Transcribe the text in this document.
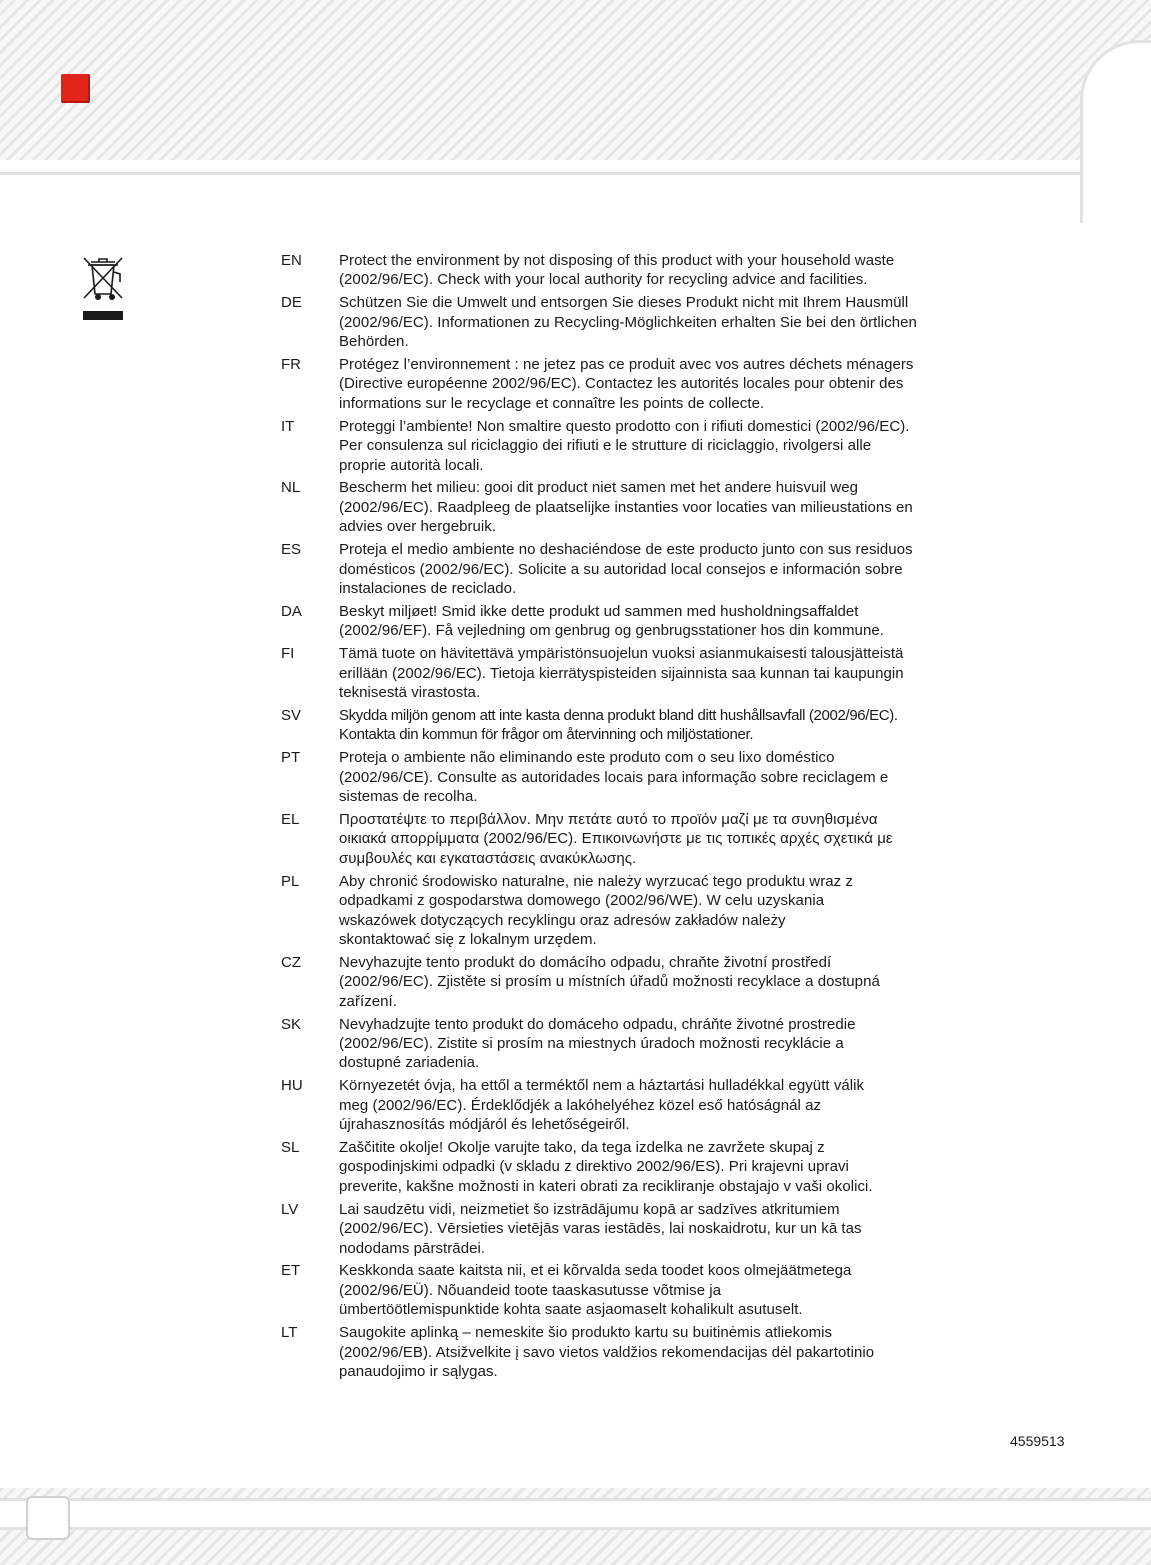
EN	Protect the environment by not disposing of this product with your household waste (2002/96/EC). Check with your local authority for recycling advice and facilities.
DE	Schützen Sie die Umwelt und entsorgen Sie dieses Produkt nicht mit Ihrem Hausmüll (2002/96/EC). Informationen zu Recycling-Möglichkeiten erhalten Sie bei den örtlichen Behörden.
FR	Protégez l’environnement : ne jetez pas ce produit avec vos autres déchets ménagers (Directive européenne 2002/96/EC). Contactez les autorités locales pour obtenir des informations sur le recyclage et connaître les points de collecte.
IT	Proteggi l’ambiente! Non smaltire questo prodotto con i rifiuti domestici (2002/96/EC). Per consulenza sul riciclaggio dei rifiuti e le strutture di riciclaggio, rivolgersi alle proprie autorità locali.
NL	Bescherm het milieu: gooi dit product niet samen met het andere huisvuil weg (2002/96/EC). Raadpleeg de plaatselijke instanties voor locaties van milieustations en advies over hergebruik.
ES	Proteja el medio ambiente no deshaciéndose de este producto junto con sus residuos domésticos (2002/96/EC). Solicite a su autoridad local consejos e información sobre instalaciones de reciclado.
DA	Beskyt miljøet! Smid ikke dette produkt ud sammen med husholdningsaffaldet (2002/96/EF). Få vejledning om genbrug og genbrugsstationer hos din kommune.
FI	Tämä tuote on hävitettävä ympäristönsuojelun vuoksi asianmukaisesti talousjätteistä erillään (2002/96/EC). Tietoja kierrätyspisteiden sijainnista saa kunnan tai kaupungin teknisestä virastosta.
SV	Skydda miljön genom att inte kasta denna produkt bland ditt hushållsavfall (2002/96/EC). Kontakta din kommun för frågor om återvinning och miljöstationer.
PT	Proteja o ambiente não eliminando este produto com o seu lixo doméstico (2002/96/CE). Consulte as autoridades locais para informação sobre reciclagem e sistemas de recolha.
EL	Προστατέψτε το περιβάλλον. Μην πετάτε αυτό το προϊόν μαζί με τα συνηθισμένα οικιακά απορρίμματα (2002/96/EC). Επικοινωνήστε με τις τοπικές αρχές σχετικά με συμβουλές και εγκαταστάσεις ανακύκλωσης.
PL	Aby chronić środowisko naturalne, nie należy wyrzucać tego produktu wraz z odpadkami z gospodarstwa domowego (2002/96/WE). W celu uzyskania wskazówek dotyczących recyklingu oraz adresów zakładów należy skontaktować się z lokalnym urzędem.
CZ	Nevyhazujte tento produkt do domácího odpadu, chraňte životní prostředí (2002/96/EC). Zjistěte si prosím u místních úřadů možnosti recyklace a dostupná zařízení.
SK	Nevyhadzujte tento produkt do domáceho odpadu, chráňte životné prostredie (2002/96/EC). Zistite si prosím na miestnych úradoch možnosti recyklácie a dostupné zariadenia.
HU	Környezetét óvja, ha ettől a terméktől nem a háztartási hulladékkal együtt válik meg (2002/96/EC). Érdeklődjék a lakóhelyéhez közel eső hatóságnál az újrahasznosítás módjáról és lehetőségeiről.
SL	Zaščitite okolje! Okolje varujte tako, da tega izdelka ne zavržete skupaj z gospodinjskimi odpadki (v skladu z direktivo 2002/96/ES). Pri krajevni upravi preverite, kakšne možnosti in kateri obrati za recikliranje obstajajo v vaši okolici.
LV	Lai saudzētu vidi, neizmetiet šo izstrādājumu kopā ar sadzīves atkritumiem (2002/96/EC). Vērsieties vietējās varas iestādēs, lai noskaidrotu, kur un kā tas nododams pārstrādei.
ET	Keskkonda saate kaitsta nii, et ei kõrvalda seda toodet koos olmejäätmetega (2002/96/EÜ). Nõuandeid toote taaskasutusse võtmise ja ümbertöötlemispunktide kohta saate asjaomaselt kohalikult asutuselt.
LT	Saugokite aplinką – nemeskite šio produkto kartu su buitinėmis atliekomis (2002/96/EB). Atsižvelkite į savo vietos valdžios rekomendacijas dėl pakartotinio panaudojimo ir sąlygas.
4559513
